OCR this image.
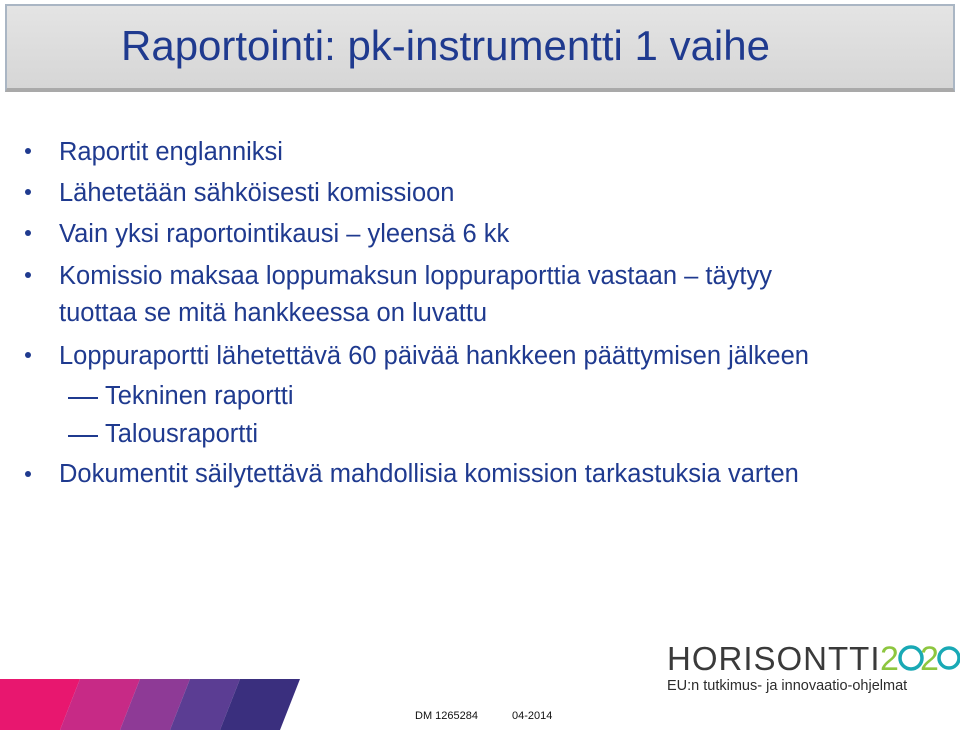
Raportointi: pk-instrumentti 1 vaihe
Raportit englanniksi
Lähetetään sähköisesti komissioon
Vain yksi raportointikausi – yleensä 6 kk
Komissio maksaa loppumaksun loppuraporttia vastaan – täytyy
tuottaa se mitä hankkeessa on luvattu
Loppuraportti lähetettävä 60 päivää hankkeen päättymisen jälkeen
Tekninen raportti
Talousraportti
Dokumentit säilytettävä mahdollisia komission tarkastuksia varten
HORISONTTI 2 2
EU:n tutkimus- ja innovaatio-ohjelmat
DM 1265284	04-2014
